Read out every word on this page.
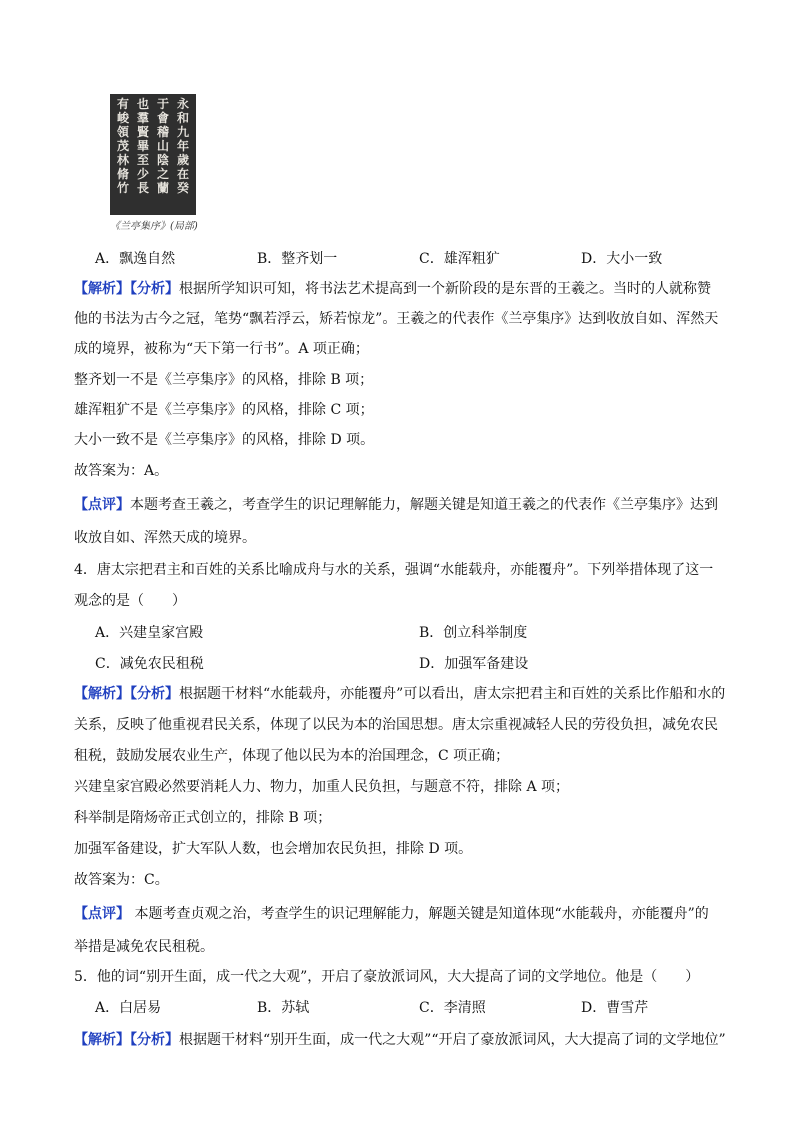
永
和
九
年
歲
在
癸
于
會
稽
山
陰
之
蘭
也
羣
賢
畢
至
少
長
有
峻
領
茂
林
脩
竹
《兰亭集序》(局部)
A．飘逸自然	B．整齐划一	C．雄浑粗犷	D．大小一致
【解析】【分析】根据所学知识可知，将书法艺术提高到一个新阶段的是东晋的王羲之。当时的人就称赞
他的书法为古今之冠，笔势“飘若浮云，矫若惊龙”。王羲之的代表作《兰亭集序》达到收放自如、浑然天
成的境界，被称为“天下第一行书”。A 项正确；
整齐划一不是《兰亭集序》的风格，排除 B 项；
雄浑粗犷不是《兰亭集序》的风格，排除 C 项；
大小一致不是《兰亭集序》的风格，排除 D 项。
故答案为：A。
【点评】本题考查王羲之，考查学生的识记理解能力，解题关键是知道王羲之的代表作《兰亭集序》达到
收放自如、浑然天成的境界。
4．唐太宗把君主和百姓的关系比喻成舟与水的关系，强调“水能载舟，亦能覆舟”。下列举措体现了这一
观念的是（　　）
A．兴建皇家宫殿	B．创立科举制度
C．减免农民租税	D．加强军备建设
【解析】【分析】根据题干材料“水能载舟，亦能覆舟”可以看出，唐太宗把君主和百姓的关系比作船和水的
关系，反映了他重视君民关系，体现了以民为本的治国思想。唐太宗重视减轻人民的劳役负担，减免农民
租税，鼓励发展农业生产，体现了他以民为本的治国理念，C 项正确；
兴建皇家宫殿必然要消耗人力、物力，加重人民负担，与题意不符，排除 A 项；
科举制是隋炀帝正式创立的，排除 B 项；
加强军备建设，扩大军队人数，也会增加农民负担，排除 D 项。
故答案为：C。
【点评】 本题考查贞观之治，考查学生的识记理解能力，解题关键是知道体现“水能载舟，亦能覆舟”的
举措是减免农民租税。
5．他的词“别开生面，成一代之大观”，开启了豪放派词风，大大提高了词的文学地位。他是（　　）
A．白居易	B．苏轼	C．李清照	D．曹雪芹
【解析】【分析】根据题干材料“别开生面，成一代之大观”“开启了豪放派词风，大大提高了词的文学地位”
